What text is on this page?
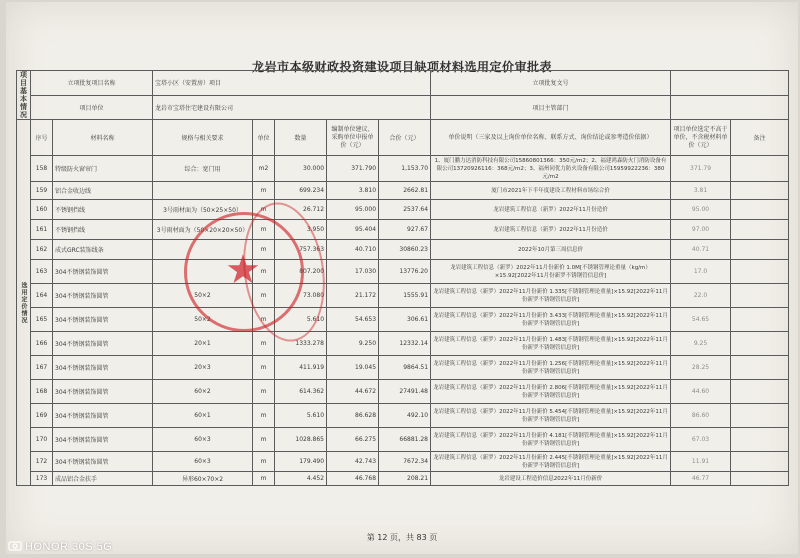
龙岩市本级财政投资建设项目缺项材料选用定价审批表
项目基本情况	立项批复项目名称		宝塔小区（安置房）项目					立项批复文号		
	项目单位		龙岩市宝塔住宅建设有限公司					项目主管部门		
选用定价情况	序号	材料名称	规格与相关要求	单位	数量	编制单位建议、采购单位申报单价（元）	合价（元）	单价说明（三家及以上询价单位名称、联系方式、询价结论或参考造价依据）	项目单位选定不高于单价，不含税材料单价（元）	备注
	158	特级防火窗帘门	综合：宽门用	m2	30.000	371.790	1,153.70	1、厦门鹏力达消防科技有限公司15860801366：350元/m2；2、福建鸿森防火门消防设备有限公司13720926116：368元/m2；3、福州同优力防火设备有限公司15959922236：380元/m2	371.79	
	159	铝合金收边线		m	699.234	3.810	2662.81	厦门市2021年下半年度建设工程材料市场综合价	3.81	
	160	不锈钢挡线	3号雨材面为（50×25×50）	m	26.712	95.000	2537.64	龙岩建筑工程信息（新罗）2022年11月份造价	95.00	
	161	不锈钢挡线	3号雨材面为（50×20×20×50）	m	3.950	95.404	927.67	龙岩建筑工程信息（新罗）2022年11月份造价	97.00	
	162	成式GRC装饰线条		m	757.363	40.710	30860.23	2022年10月第三周信息价	40.71	
	163	304不锈钢装饰圆管		m	807.200	17.030	13776.20	龙岩建筑工程信息（新罗）2022年11月份新价 1.0M[不锈钢管理论重量（kg/m）×15.92[2022年11月份新罗不锈钢管信息价]	17.0	
	164	304不锈钢装饰圆管	50×2	m	73.080	21.172	1555.91	龙岩建筑工程信息（新罗）2022年11月份新价 1.335[不锈钢管理论重量]×15.92[2022年11月份新罗不锈钢管信息价]	22.0	
	165	304不锈钢装饰圆管	50×2	m	5.610	54.653	306.61	龙岩建筑工程信息（新罗）2022年11月份新价 3.433[不锈钢管理论重量]×15.92[2022年11月份新罗不锈钢管信息价]	54.65	
	166	304不锈钢装饰圆管	20×1	m	1333.278	9.250	12332.14	龙岩建筑工程信息（新罗）2022年11月份新价 1.483[不锈钢管理论重量]×15.92[2022年11月份新罗不锈钢管信息价]	9.25	
	167	304不锈钢装饰圆管	20×3	m	411.919	19.045	9864.51	龙岩建筑工程信息（新罗）2022年11月份新价 1.256[不锈钢管理论重量]×15.92[2022年11月份新罗不锈钢管信息价]	28.25	
	168	304不锈钢装饰圆管	60×2	m	614.362	44.672	27491.48	龙岩建筑工程信息（新罗）2022年11月份新价 2.806[不锈钢管理论重量]×15.92[2022年11月份新罗不锈钢管信息价]	44.60	
	169	304不锈钢装饰圆管	60×1	m	5.610	86.628	492.10	龙岩建筑工程信息（新罗）2022年11月份新价 5.454[不锈钢管理论重量]×15.92[2022年11月份新罗不锈钢管信息价]	86.60	
	170	304不锈钢装饰圆管	60×3	m	1028.865	66.275	66881.28	龙岩建筑工程信息（新罗）2022年11月份新价 4.181[不锈钢管理论重量]×15.92[2022年11月份新罗不锈钢管信息价]	67.03	
	172	304不锈钢装饰圆管	60×3	m	179.490	42.743	7672.34	龙岩建筑工程信息（新罗）2022年11月份新价 2.445[不锈钢管理论重量]×15.92[2022年11月份新罗不锈钢管信息价]	11.91	
	173	成品铝合金扶手	异形60×70×2	m	4.452	46.768	208.21	龙岩建设工程造价信息2022年11月份新价	46.77	
★
第 12 页，共 83 页
HONOR 30S 5G
